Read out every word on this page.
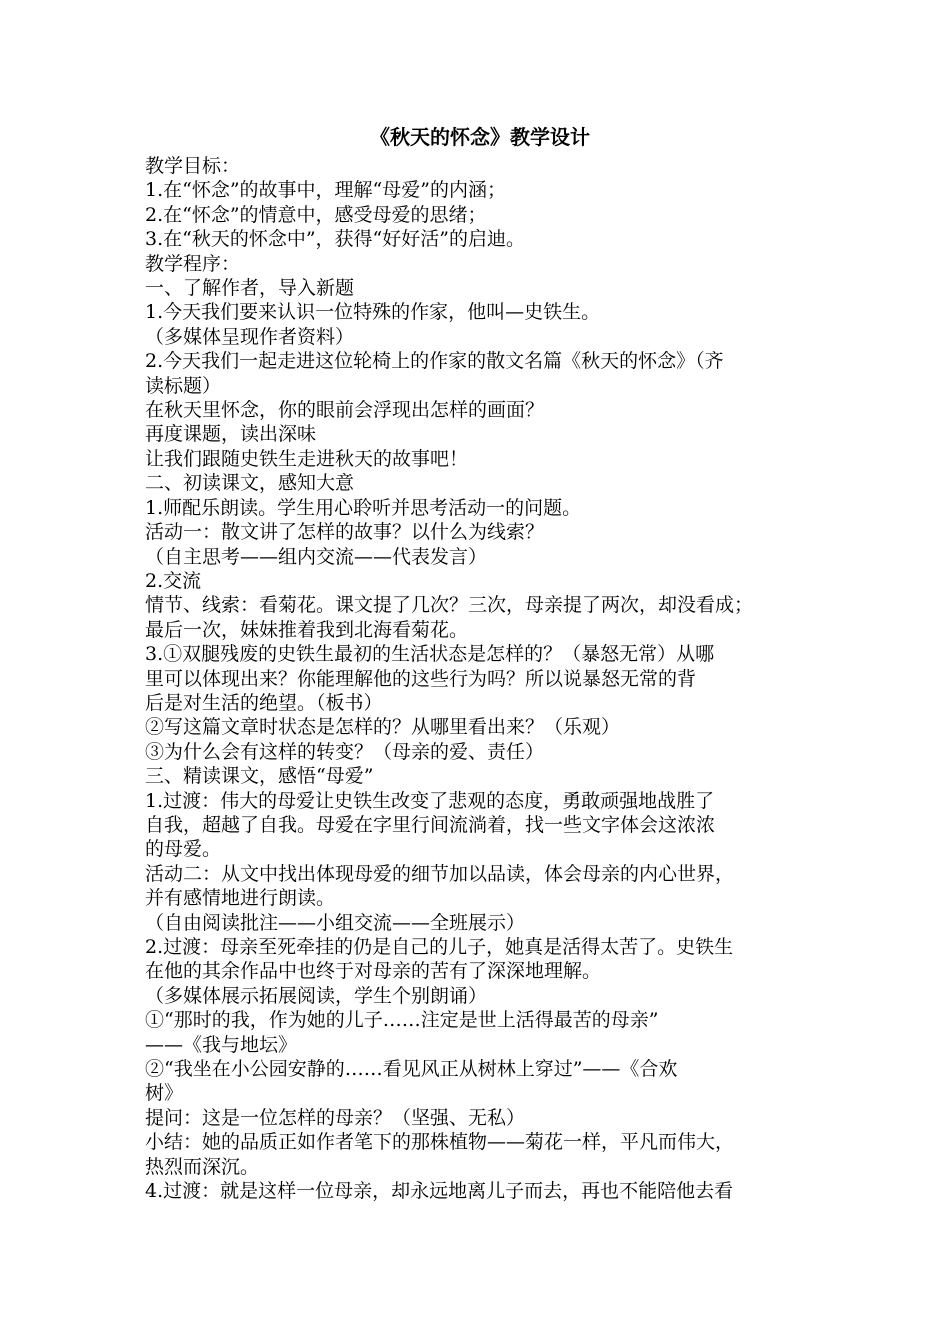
《秋天的怀念》教学设计

教学目标：

1.在“怀念”的故事中，理解“母爱”的内涵；

2.在“怀念”的情意中，感受母爱的思绪；

3.在“秋天的怀念中”，获得“好好活”的启迪。

教学程序：

一、了解作者，导入新题

1.今天我们要来认识一位特殊的作家，他叫—史铁生。

（多媒体呈现作者资料）

2.今天我们一起走进这位轮椅上的作家的散文名篇《秋天的怀念》（齐

读标题）

在秋天里怀念，你的眼前会浮现出怎样的画面？

再度课题，读出深味

让我们跟随史铁生走进秋天的故事吧！

二、初读课文，感知大意

1.师配乐朗读。学生用心聆听并思考活动一的问题。

活动一：散文讲了怎样的故事？以什么为线索？

（自主思考——组内交流——代表发言）

2.交流

情节、线索：看菊花。课文提了几次？三次，母亲提了两次，却没看成；

最后一次，妹妹推着我到北海看菊花。

3.①双腿残废的史铁生最初的生活状态是怎样的？（暴怒无常）从哪

里可以体现出来？你能理解他的这些行为吗？所以说暴怒无常的背

后是对生活的绝望。（板书）

②写这篇文章时状态是怎样的？从哪里看出来？（乐观）

③为什么会有这样的转变？（母亲的爱、责任）

三、精读课文，感悟“母爱”

1.过渡：伟大的母爱让史铁生改变了悲观的态度，勇敢顽强地战胜了

自我，超越了自我。母爱在字里行间流淌着，找一些文字体会这浓浓

的母爱。

活动二：从文中找出体现母爱的细节加以品读，体会母亲的内心世界，

并有感情地进行朗读。

（自由阅读批注——小组交流——全班展示）

2.过渡：母亲至死牵挂的仍是自己的儿子，她真是活得太苦了。史铁生

在他的其余作品中也终于对母亲的苦有了深深地理解。

（多媒体展示拓展阅读，学生个别朗诵）

①“那时的我，作为她的儿子……注定是世上活得最苦的母亲”

——《我与地坛》

②“我坐在小公园安静的……看见风正从树林上穿过”——《合欢

树》

提问：这是一位怎样的母亲？（坚强、无私）

小结：她的品质正如作者笔下的那株植物——菊花一样，平凡而伟大，

热烈而深沉。

4.过渡：就是这样一位母亲，却永远地离儿子而去，再也不能陪他去看
